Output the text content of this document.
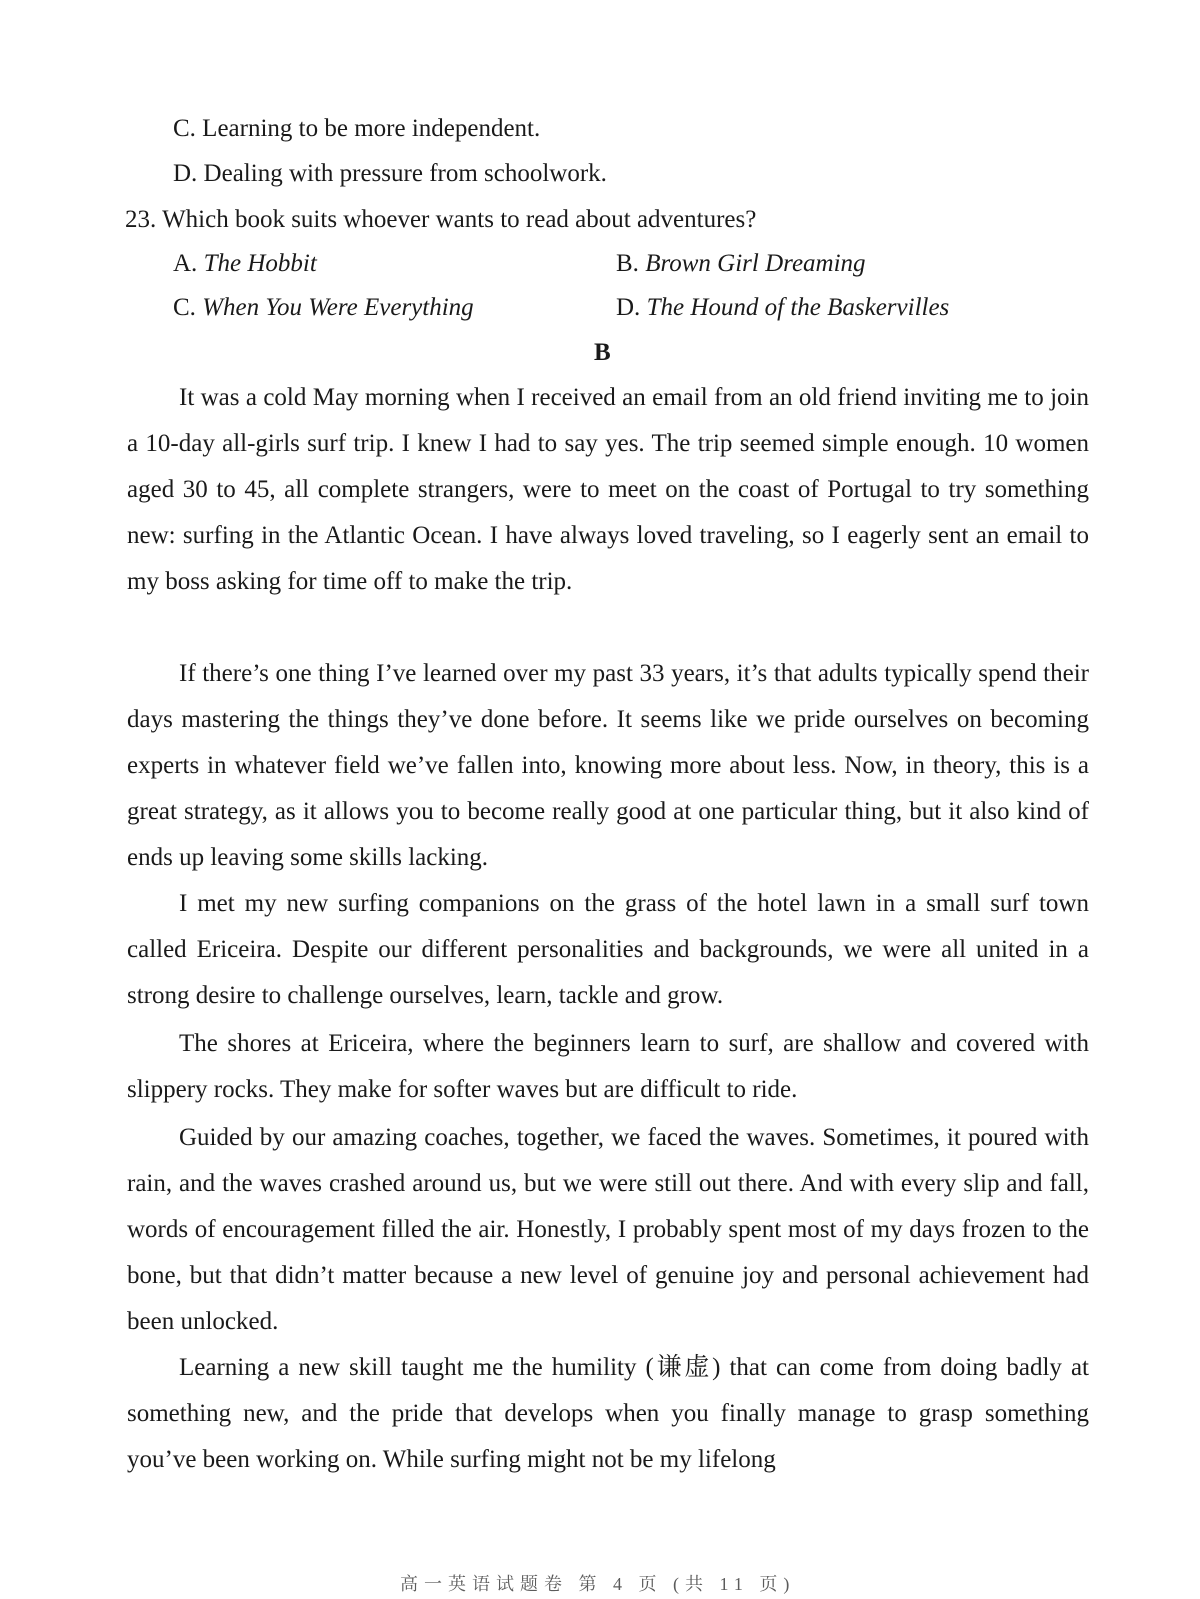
C. Learning to be more independent.
D. Dealing with pressure from schoolwork.
23. Which book suits whoever wants to read about adventures?
A. The Hobbit	B. Brown Girl Dreaming
C. When You Were Everything	D. The Hound of the Baskervilles
B
It was a cold May morning when I received an email from an old friend inviting me to join a 10-day all-girls surf trip. I knew I had to say yes. The trip seemed simple enough. 10 women aged 30 to 45, all complete strangers, were to meet on the coast of Portugal to try something new: surfing in the Atlantic Ocean. I have always loved traveling, so I eagerly sent an email to my boss asking for time off to make the trip.
If there’s one thing I’ve learned over my past 33 years, it’s that adults typically spend their days mastering the things they’ve done before. It seems like we pride ourselves on becoming experts in whatever field we’ve fallen into, knowing more about less. Now, in theory, this is a great strategy, as it allows you to become really good at one particular thing, but it also kind of ends up leaving some skills lacking.
I met my new surfing companions on the grass of the hotel lawn in a small surf town called Ericeira. Despite our different personalities and backgrounds, we were all united in a strong desire to challenge ourselves, learn, tackle and grow.
The shores at Ericeira, where the beginners learn to surf, are shallow and covered with slippery rocks. They make for softer waves but are difficult to ride.
Guided by our amazing coaches, together, we faced the waves. Sometimes, it poured with rain, and the waves crashed around us, but we were still out there. And with every slip and fall, words of encouragement filled the air. Honestly, I probably spent most of my days frozen to the bone, but that didn’t matter because a new level of genuine joy and personal achievement had been unlocked.
Learning a new skill taught me the humility (谦虚) that can come from doing badly at something new, and the pride that develops when you finally manage to grasp something you’ve been working on. While surfing might not be my lifelong
高一英语试题卷 第 4 页 (共 11 页)
